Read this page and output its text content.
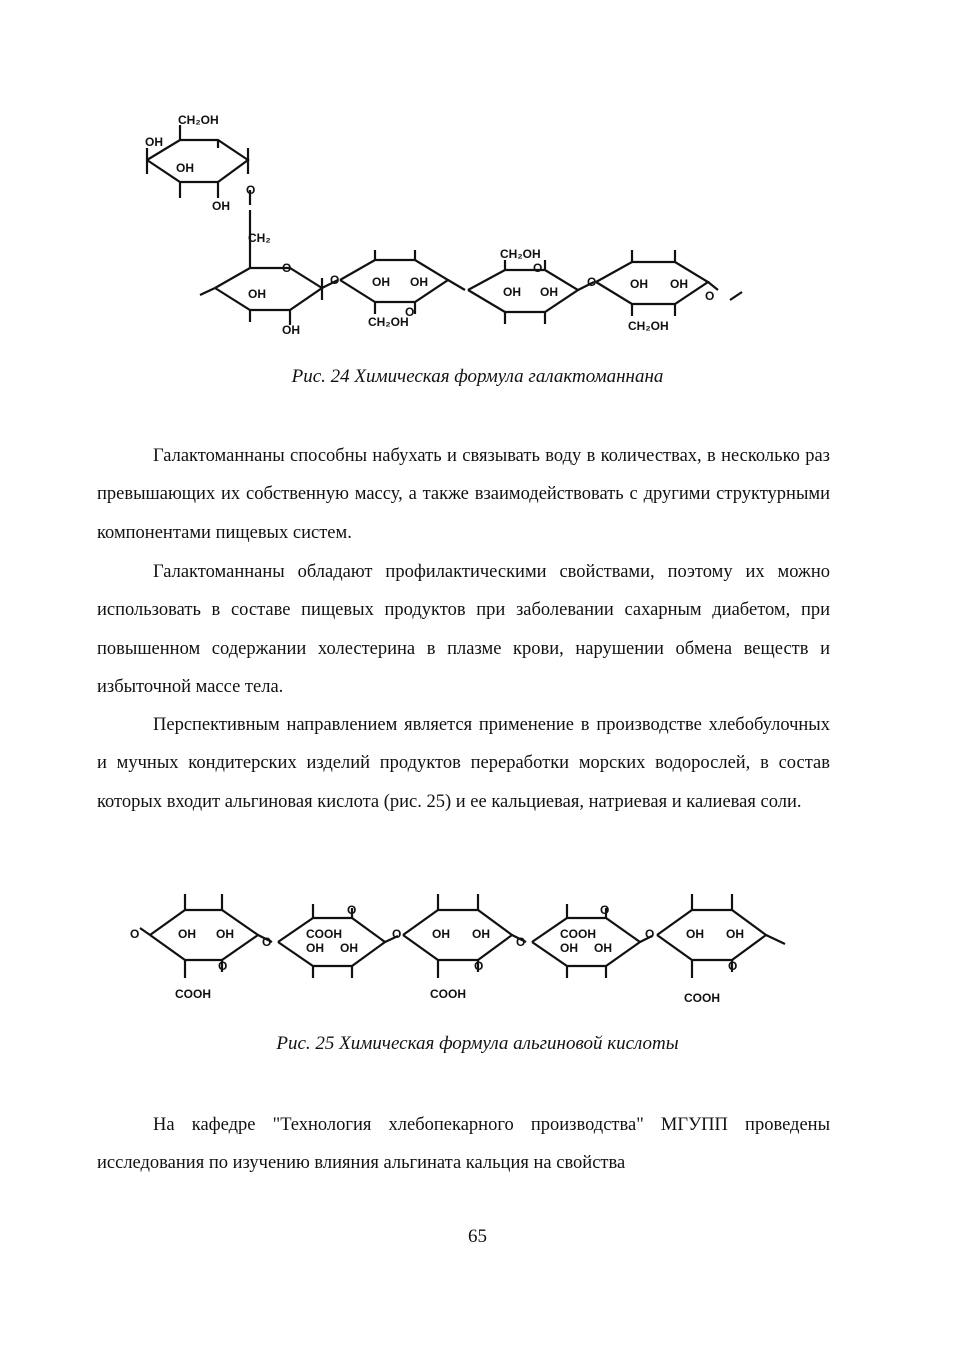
CH₂OH
OH
OH
OH
O
CH₂
O
OH
OH
O	OH OH
CH₂OH
O
CH₂OH
O
OH OH
O	OH OH
O
CH₂OH
Рис. 24 Химическая формула галактоманнана

Галактоманнаны способны набухать и связывать воду в количествах, в несколько раз превышающих их собственную массу, а также взаимодействовать с другими структурными компонентами пищевых систем.

Галактоманнаны обладают профилактическими свойствами, поэтому их можно использовать в составе пищевых продуктов при заболевании сахарным диабетом, при повышенном содержании холестерина в плазме крови, нарушении обмена веществ и избыточной массе тела.

Перспективным направлением является применение в производстве хлебобулочных и мучных кондитерских изделий продуктов переработки морских водорослей, в состав которых входит альгиновая кислота (рис. 25) и ее кальциевая, натриевая и калиевая соли.

O	OH OH
O
COOH
O
O
COOH
OH OH
O	OH OH
O
COOH
O
O
COOH
OH OH
O	OH OH
O
COOH
Рис. 25 Химическая формула альгиновой кислоты

На кафедре "Технология хлебопекарного производства" МГУПП проведены исследования по изучению влияния альгината кальция на свойства

65
